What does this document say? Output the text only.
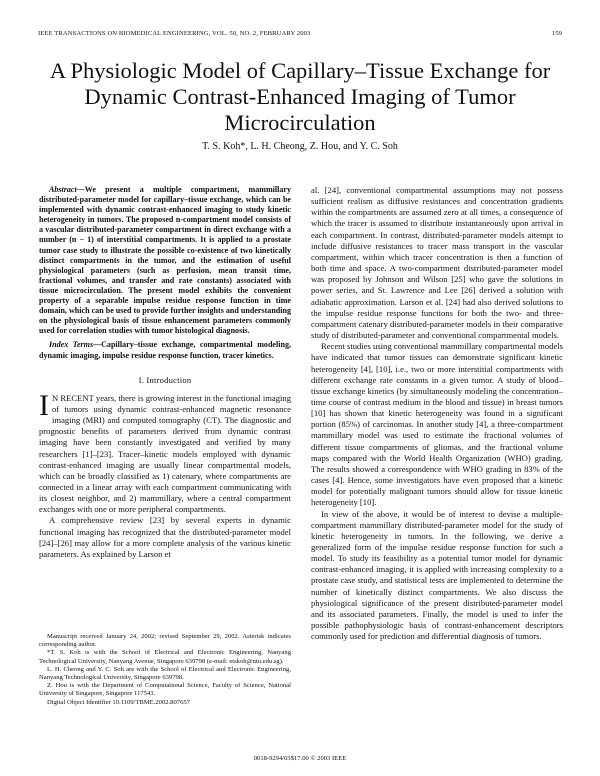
IEEE TRANSACTIONS ON BIOMEDICAL ENGINEERING, VOL. 50, NO. 2, FEBRUARY 2003	159
A Physiologic Model of Capillary–Tissue Exchange for Dynamic Contrast-Enhanced Imaging of Tumor Microcirculation
T. S. Koh*, L. H. Cheong, Z. Hou, and Y. C. Soh

Abstract—We present a multiple compartment, mammillary distributed-parameter model for capillary–tissue exchange, which can be implemented with dynamic contrast-enhanced imaging to study kinetic heterogeneity in tumors. The proposed n-compartment model consists of a vascular distributed-parameter compartment in direct exchange with a number (n − 1) of interstitial compartments. It is applied to a prostate tumor case study to illustrate the possible co-existence of two kinetically distinct compartments in the tumor, and the estimation of useful physiological parameters (such as perfusion, mean transit time, fractional volumes, and transfer and rate constants) associated with tissue microcirculation. The present model exhibits the convenient property of a separable impulse residue response function in time domain, which can be used to provide further insights and understanding on the physiological basis of tissue enhancement parameters commonly used for correlation studies with tumor histological diagnosis.

Index Terms—Capillary–tissue exchange, compartmental modeling, dynamic imaging, impulse residue response function, tracer kinetics.

I. Introduction

I N RECENT years, there is growing interest in the functional imaging of tumors using dynamic contrast-enhanced magnetic resonance imaging (MRI) and computed tomography (CT). The diagnostic and prognostic benefits of parameters derived from dynamic contrast imaging have been constantly investigated and verified by many researchers [1]–[23]. Tracer–kinetic models employed with dynamic contrast-enhanced imaging are usually linear compartmental models, which can be broadly classified as 1) catenary, where compartments are connected in a linear array with each compartment communicating with its closest neighbor, and 2) mammillary, where a central compartment exchanges with one or more peripheral compartments.

A comprehensive review [23] by several experts in dynamic functional imaging has recognized that the distributed-parameter model [24]–[26] may allow for a more complete analysis of the various kinetic parameters. As explained by Larson et

Manuscript received January 24, 2002; revised September 29, 2002. Asterisk indicates corresponding author.

*T. S. Koh is with the School of Electrical and Electronic Engineering, Nanyang Technological University, Nanyang Avenue, Singapore 639798 (e-mail: etskoh@ntu.edu.sg).

L. H. Cheong and Y. C. Soh are with the School of Electrical and Electronic Engineering, Nanyang Technological University, Singapore 639798.

Z. Hou is with the Department of Computational Science, Faculty of Science, National University of Singapore, Singapore 117543.

Digital Object Identifier 10.1109/TBME.2002.807657

al. [24], conventional compartmental assumptions may not possess sufficient realism as diffusive resistances and concentration gradients within the compartments are assumed zero at all times, a consequence of which the tracer is assumed to distribute instantaneously upon arrival in each compartment. In contrast, distributed-parameter models attempt to include diffusive resistances to tracer mass transport in the vascular compartment, within which tracer concentration is then a function of both time and space. A two-compartment distributed-parameter model was proposed by Johnson and Wilson [25] who gave the solutions in power series, and St. Lawrence and Lee [26] derived a solution with adiabatic approximation. Larson et al. [24] had also derived solutions to the impulse residue response functions for both the two- and three-compartment catenary distributed-parameter models in their comparative study of distributed-parameter and conventional compartmental models.

Recent studies using conventional mammillary compartmental models have indicated that tumor tissues can demonstrate significant kinetic heterogeneity [4], [10], i.e., two or more interstitial compartments with different exchange rate constants in a given tumor. A study of blood–tissue exchange kinetics (by simultaneously modeling the concentration–time course of contrast medium in the blood and tissue) in breast tumors [10] has shown that kinetic heterogeneity was found in a significant portion (85%) of carcinomas. In another study [4], a three-compartment mammillary model was used to estimate the fractional volumes of different tissue compartments of gliomas, and the fractional volume maps compared with the World Health Organization (WHO) grading. The results showed a correspondence with WHO grading in 83% of the cases [4]. Hence, some investigators have even proposed that a kinetic model for potentially malignant tumors should allow for tissue kinetic heterogeneity [10].

In view of the above, it would be of interest to devise a multiple-compartment mammillary distributed-parameter model for the study of kinetic heterogeneity in tumors. In the following, we derive a generalized form of the impulse residue response function for such a model. To study its feasibility as a potential tumor model for dynamic contrast-enhanced imaging, it is applied with increasing complexity to a prostate case study, and statistical tests are implemented to determine the number of kinetically distinct compartments. We also discuss the physiological significance of the present distributed-parameter model and its associated parameters. Finally, the model is used to infer the possible pathophysiologic basis of contrast-enhancement descriptors commonly used for prediction and differential diagnosis of tumors.

0018-9294/03$17.00 © 2003 IEEE
